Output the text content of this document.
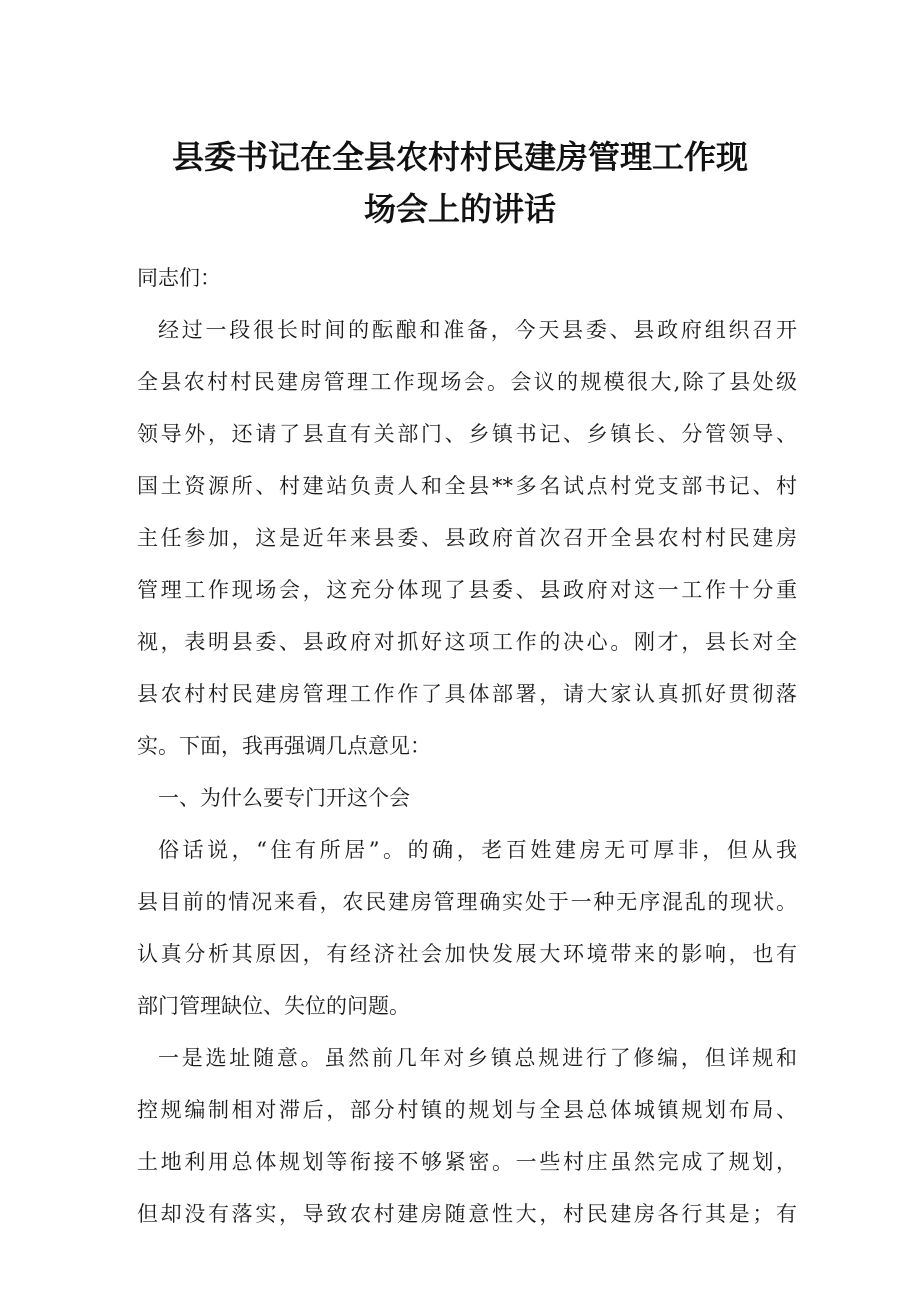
县委书记在全县农村村民建房管理工作现
场会上的讲话
同志们：
经过一段很长时间的酝酿和准备，今天县委、县政府组织召开
全县农村村民建房管理工作现场会。会议的规模很大,除了县处级
领导外，还请了县直有关部门、乡镇书记、乡镇长、分管领导、
国土资源所、村建站负责人和全县**多名试点村党支部书记、村
主任参加，这是近年来县委、县政府首次召开全县农村村民建房
管理工作现场会，这充分体现了县委、县政府对这一工作十分重
视，表明县委、县政府对抓好这项工作的决心。刚才，县长对全
县农村村民建房管理工作作了具体部署，请大家认真抓好贯彻落
实。下面，我再强调几点意见：
一、为什么要专门开这个会
俗话说，“住有所居”。的确，老百姓建房无可厚非，但从我
县目前的情况来看，农民建房管理确实处于一种无序混乱的现状。
认真分析其原因，有经济社会加快发展大环境带来的影响，也有
部门管理缺位、失位的问题。
一是选址随意。虽然前几年对乡镇总规进行了修编，但详规和
控规编制相对滞后，部分村镇的规划与全县总体城镇规划布局、
土地利用总体规划等衔接不够紧密。一些村庄虽然完成了规划，
但却没有落实，导致农村建房随意性大，村民建房各行其是；有
